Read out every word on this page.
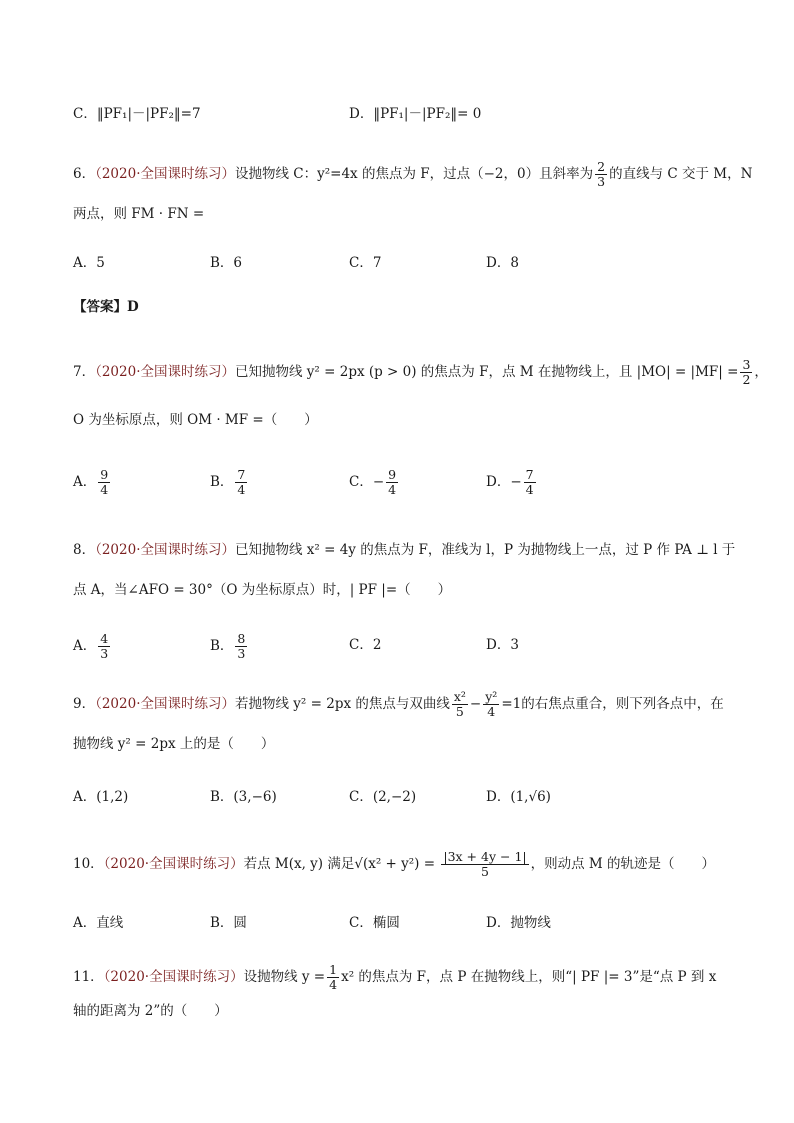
C．‖PF₁|－|PF₂‖=7	D．‖PF₁|－|PF₂‖= 0
6．（2020·全国课时练习）设抛物线 C：y²=4x 的焦点为 F，过点（−2，0）且斜率为 $\frac{2}{3}$ 的直线与 C 交于 M，N
两点，则 FM · FN =
A．5	B．6	C．7	D．8
【答案】D
7．（2020·全国课时练习）已知抛物线 y² = 2px (p > 0) 的焦点为 F，点 M 在抛物线上，且 $|MO| = |MF| = \frac{3}{2}$ ，
O 为坐标原点，则 OM · MF =（　　）
A． $\frac{9}{4}$	B． $\frac{7}{4}$	C．− $\frac{9}{4}$	D．− $\frac{7}{4}$
8．（2020·全国课时练习）已知抛物线 x² = 4y 的焦点为 F，准线为 l，P 为抛物线上一点，过 P 作 PA ⊥ l 于
点 A，当∠AFO = 30°（O 为坐标原点）时，| PF |=（　　）
A． $\frac{4}{3}$	B． $\frac{8}{3}$	C．2	D．3
9．（2020·全国课时练习）若抛物线 y² = 2px 的焦点与双曲线 $\frac{\text{x²}}{5} - \frac{\text{y²}}{4} =1$的右焦点重合，则下列各点中，在
抛物线 y² = 2px 上的是（　　）
A．(1,2)	B．(3,−6)	C．(2,−2)	D．(1,√6)
10．（2020·全国课时练习）若点 M(x, y) 满足$√(x^2 + y^2) = \frac{|3x + 4y - 1|}{5}$ ，则动点 M 的轨迹是（　　）
A．直线	B．圆	C．椭圆	D．抛物线
11．（2020·全国课时练习）设抛物线 $y = \frac{1}{4} x^2$ 的焦点为 F，点 P 在抛物线上，则“| PF |= 3”是“点 P 到 x
轴的距离为 2”的（　　）
